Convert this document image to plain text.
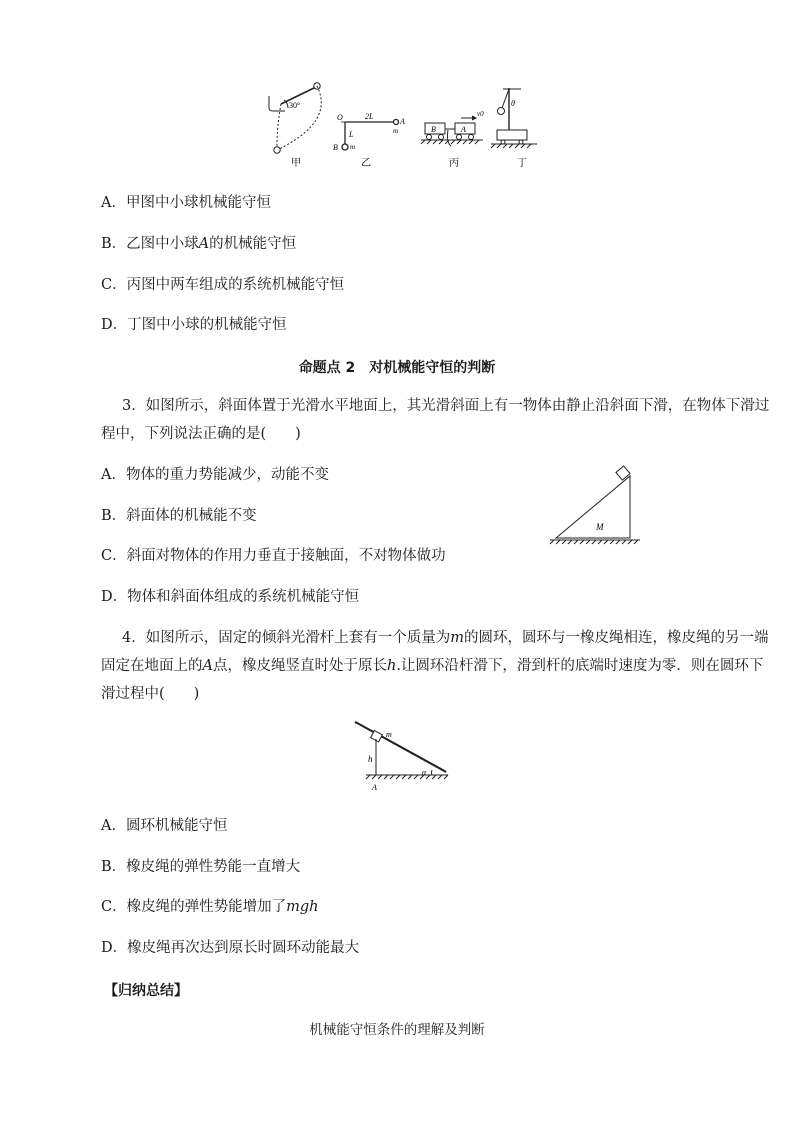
30°
甲
O	2L
A
m
L
B m
乙
B	A
v0
丙
θ
丁
A．甲图中小球机械能守恒
B．乙图中小球A的机械能守恒
C．丙图中两车组成的系统机械能守恒
D．丁图中小球的机械能守恒
命题点 2　对机械能守恒的判断
3．如图所示，斜面体置于光滑水平地面上，其光滑斜面上有一物体由静止沿斜面下滑，在物体下滑过
程中，下列说法正确的是(　　)
A．物体的重力势能减少，动能不变
B．斜面体的机械能不变
C．斜面对物体的作用力垂直于接触面，不对物体做功
D．物体和斜面体组成的系统机械能守恒
M
4．如图所示，固定的倾斜光滑杆上套有一个质量为m的圆环，圆环与一橡皮绳相连，橡皮绳的另一端
固定在地面上的A点，橡皮绳竖直时处于原长h.让圆环沿杆滑下，滑到杆的底端时速度为零．则在圆环下
滑过程中(　　)
m
h
α
A
A．圆环机械能守恒
B．橡皮绳的弹性势能一直增大
C．橡皮绳的弹性势能增加了mgh
D．橡皮绳再次达到原长时圆环动能最大
【归纳总结】
机械能守恒条件的理解及判断
